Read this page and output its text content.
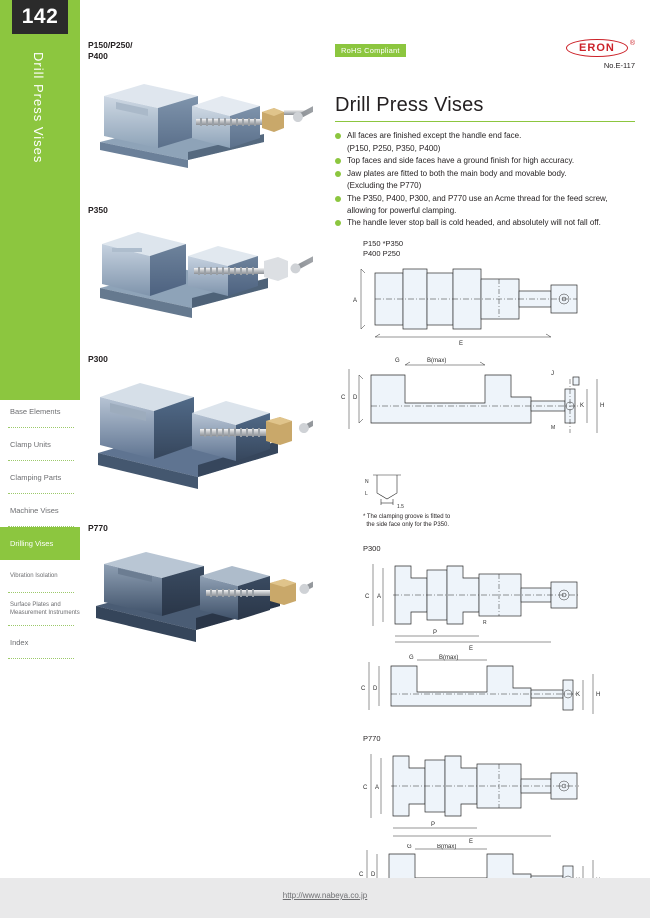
142
Drill Press Vises
Base Elements
Clamp Units
Clamping Parts
Machine Vises
Drilling Vises
Vibration Isolation
Surface Plates and Measurement Instruments
Index
P150/P250/
P400
P350
P300
P770
RoHS Compliant	ERON ®
No.E-117
Drill Press Vises
All faces are finished except the handle end face.
(P150, P250, P350, P400)
Top faces and side faces have a ground finish for high accuracy.
Jaw plates are fitted to both the main body and movable body.
(Excluding the P770)
The P350, P400, P300, and P770 use an Acme thread for the feed screw, allowing for powerful clamping.
The handle lever stop ball is cold headed, and absolutely will not fall off.
P150 *P350
P400 P250
A
E
D
C
G	B(max)
H
K
J
M
N
L
1.5
* The clamping groove is fitted to
the side face only for the P350.
P300
A
C
P
E
R
D
C
G	B(max)
H
K
P770
A
C
P
E
D
C
G	B(max)
http://www.nabeya.co.jp
